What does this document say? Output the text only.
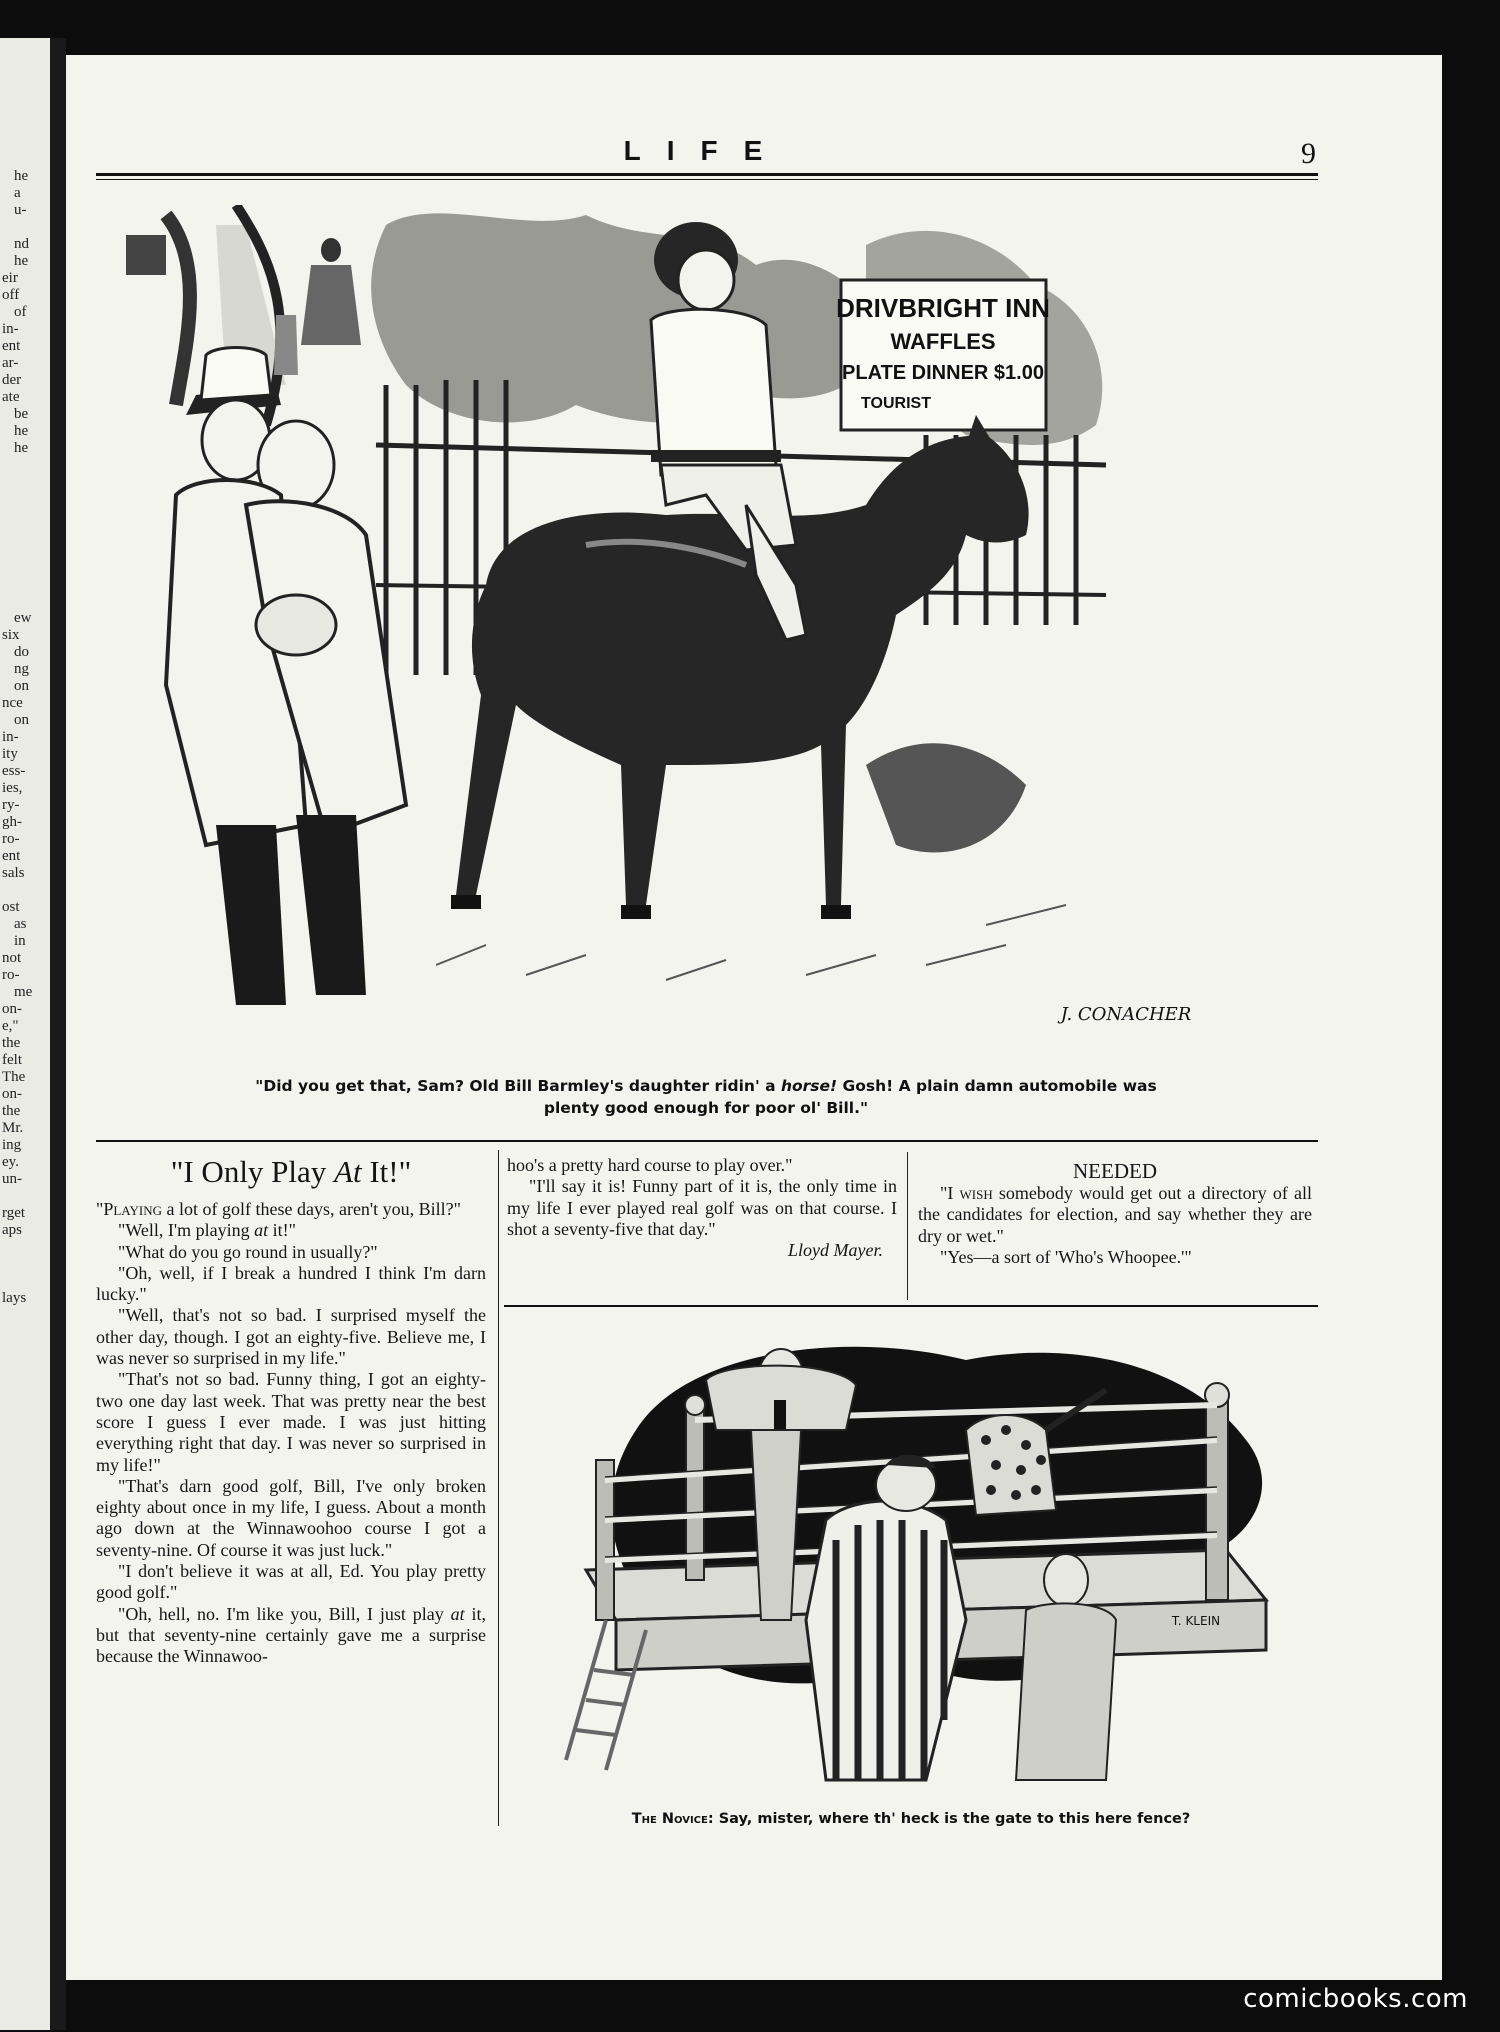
he
a
u-
nd
he
eir
off
of
in-
ent
ar-
der
ate
be
he
he
ew
six
do
ng
on
nce
on
in-
ity
ess-
ies,
ry-
gh-
ro-
ent
sals
ost
as
in
not
ro-
me
on-
e,"
the
felt
The
on-
the
Mr.
ing
ey.
un-
rget
aps
lays
LIFE	9
DRIVBRIGHT INN
WAFFLES
PLATE DINNER $1.00
TOURIST
J. CONACHER
"Did you get that, Sam? Old Bill Barmley's daughter ridin' a horse! Gosh! A plain damn automobile was plenty good enough for poor ol' Bill."
"I Only Play At It!"

"Playing a lot of golf these days, aren't you, Bill?"

"Well, I'm playing at it!"

"What do you go round in usually?"

"Oh, well, if I break a hundred I think I'm darn lucky."

"Well, that's not so bad. I surprised myself the other day, though. I got an eighty-five. Believe me, I was never so surprised in my life."

"That's not so bad. Funny thing, I got an eighty-two one day last week. That was pretty near the best score I guess I ever made. I was just hitting everything right that day. I was never so surprised in my life!"

"That's darn good golf, Bill, I've only broken eighty about once in my life, I guess. About a month ago down at the Winnawoohoo course I got a seventy-nine. Of course it was just luck."

"I don't believe it was at all, Ed. You play pretty good golf."

"Oh, hell, no. I'm like you, Bill, I just play at it, but that seventy-nine certainly gave me a surprise because the Winnawoo-

hoo's a pretty hard course to play over."

"I'll say it is! Funny part of it is, the only time in my life I ever played real golf was on that course. I shot a seventy-five that day."

Lloyd Mayer.
NEEDED

"I wish somebody would get out a directory of all the candidates for election, and say whether they are dry or wet."

"Yes—a sort of 'Who's Whoopee.'"

T. KLEIN
The Novice: Say, mister, where th' heck is the gate to this here fence?
comicbooks.com
